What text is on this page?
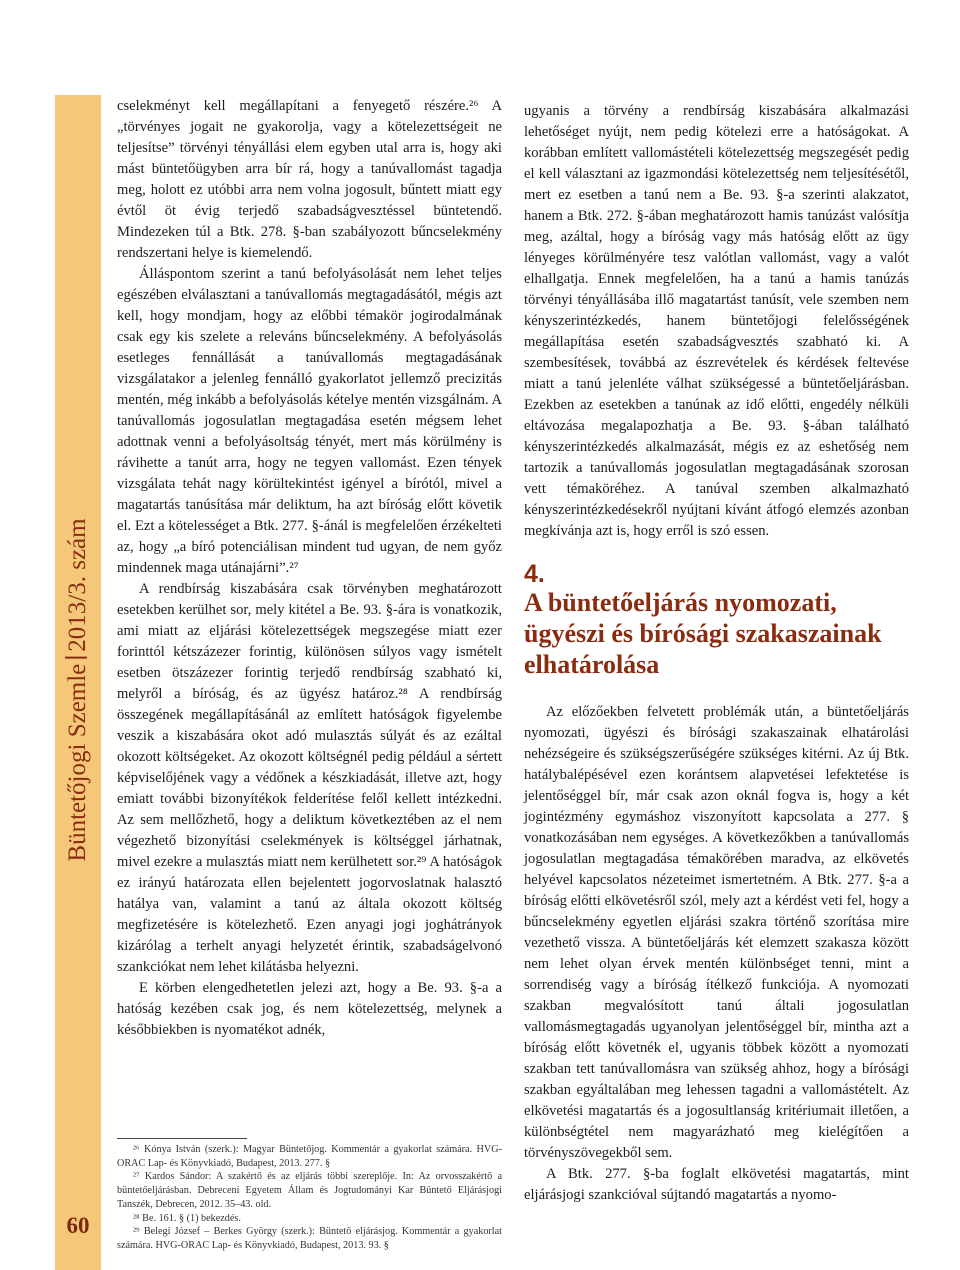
Büntetőjogi Szemle2013/3. szám
60

cselekményt kell megállapítani a fenyegető részére.²⁶ A „törvényes jogait ne gyakorolja, vagy a kötelezettségeit ne teljesítse” törvényi tényállási elem egyben utal arra is, hogy aki mást büntetőügyben arra bír rá, hogy a tanúvallomást tagadja meg, holott ez utóbbi arra nem volna jogosult, bűntett miatt egy évtől öt évig terjedő szabadságvesztéssel büntetendő. Mindezeken túl a Btk. 278. §-ban szabályozott bűncselekmény rendszertani helye is kiemelendő.

Álláspontom szerint a tanú befolyásolását nem lehet teljes egészében elválasztani a tanúvallomás megtagadásától, mégis azt kell, hogy mondjam, hogy az előbbi témakör jogirodalmának csak egy kis szelete a releváns bűncselekmény. A befolyásolás esetleges fennállását a tanúvallomás megtagadásának vizsgálatakor a jelenleg fennálló gyakorlatot jellemző precizitás mentén, még inkább a befolyásolás kételye mentén vizsgálnám. A tanúvallomás jogosulatlan megtagadása esetén mégsem lehet adottnak venni a befolyásoltság tényét, mert más körülmény is rávihette a tanút arra, hogy ne tegyen vallomást. Ezen tények vizsgálata tehát nagy körültekintést igényel a bírótól, mivel a magatartás tanúsítása már deliktum, ha azt bíróság előtt követik el. Ezt a kötelességet a Btk. 277. §-ánál is megfelelően érzékelteti az, hogy „a bíró potenciálisan mindent tud ugyan, de nem győz mindennek maga utánajárni”.²⁷

A rendbírság kiszabására csak törvényben meghatározott esetekben kerülhet sor, mely kitétel a Be. 93. §-ára is vonatkozik, ami miatt az eljárási kötelezettségek megszegése miatt ezer forinttól kétszázezer forintig, különösen súlyos vagy ismételt esetben ötszázezer forintig terjedő rendbírság szabható ki, melyről a bíróság, és az ügyész határoz.²⁸ A rendbírság összegének megállapításánál az említett hatóságok figyelembe veszik a kiszabására okot adó mulasztás súlyát és az ezáltal okozott költségeket. Az okozott költségnél pedig például a sértett képviselőjének vagy a védőnek a készkiadását, illetve azt, hogy emiatt további bizonyítékok felderítése felől kellett intézkedni. Az sem mellőzhető, hogy a deliktum következtében az el nem végezhető bizonyítási cselekmények is költséggel járhatnak, mivel ezekre a mulasztás miatt nem kerülhetett sor.²⁹ A hatóságok ez irányú határozata ellen bejelentett jogorvoslatnak halasztó hatálya van, valamint a tanú az általa okozott költség megfizetésére is kötelezhető. Ezen anyagi jogi joghátrányok kizárólag a terhelt anyagi helyzetét érintik, szabadságelvonó szankciókat nem lehet kilátásba helyezni.

E körben elengedhetetlen jelezi azt, hogy a Be. 93. §-a a hatóság kezében csak jog, és nem kötelezettség, melynek a későbbiekben is nyomatékot adnék,

²⁶ Kónya István (szerk.): Magyar Büntetőjog. Kommentár a gyakorlat számára. HVG-ORAC Lap- és Könyvkiadó, Budapest, 2013. 277. §

²⁷ Kardos Sándor: A szakértő és az eljárás többi szereplője. In: Az orvosszakértő a büntetőeljárásban. Debreceni Egyetem Állam és Jogtudományi Kar Büntető Eljárásjogi Tanszék, Debrecen, 2012. 35–43. old.

²⁸ Be. 161. § (1) bekezdés.

²⁹ Belegi József – Berkes György (szerk.): Büntető eljárásjog. Kommentár a gyakorlat számára. HVG-ORAC Lap- és Könyvkiadó, Budapest, 2013. 93. §

ugyanis a törvény a rendbírság kiszabására alkalmazási lehetőséget nyújt, nem pedig kötelezi erre a hatóságokat. A korábban említett vallomástételi kötelezettség megszegését pedig el kell választani az igazmondási kötelezettség nem teljesítésétől, mert ez esetben a tanú nem a Be. 93. §-a szerinti alakzatot, hanem a Btk. 272. §-ában meghatározott hamis tanúzást valósítja meg, azáltal, hogy a bíróság vagy más hatóság előtt az ügy lényeges körülményére tesz valótlan vallomást, vagy a valót elhallgatja. Ennek megfelelően, ha a tanú a hamis tanúzás törvényi tényállásába illő magatartást tanúsít, vele szemben nem kényszerintézkedés, hanem büntetőjogi felelősségének megállapítása esetén szabadságvesztés szabható ki. A szembesítések, továbbá az észrevételek és kérdések feltevése miatt a tanú jelenléte válhat szükségessé a büntetőeljárásban. Ezekben az esetekben a tanúnak az idő előtti, engedély nélküli eltávozása megalapozhatja a Be. 93. §-ában található kényszerintézkedés alkalmazását, mégis ez az eshetőség nem tartozik a tanúvallomás jogosulatlan megtagadásának szorosan vett témaköréhez. A tanúval szemben alkalmazható kényszerintézkedésekről nyújtani kívánt átfogó elemzés azonban megkívánja azt is, hogy erről is szó essen.

4.
A büntetőeljárás nyomozati, ügyészi és bírósági szakaszainak elhatárolása

Az előzőekben felvetett problémák után, a büntetőeljárás nyomozati, ügyészi és bírósági szakaszainak elhatárolási nehézségeire és szükségszerűségére szükséges kitérni. Az új Btk. hatálybalépésével ezen korántsem alapvetései lefektetése is jelentőséggel bír, már csak azon oknál fogva is, hogy a két jogintézmény egymáshoz viszonyított kapcsolata a 277. § vonatkozásában nem egységes. A következőkben a tanúvallomás jogosulatlan megtagadása témakörében maradva, az elkövetés helyével kapcsolatos nézeteimet ismertetném. A Btk. 277. §-a a bíróság előtti elkövetésről szól, mely azt a kérdést veti fel, hogy a bűncselekmény egyetlen eljárási szakra történő szorítása mire vezethető vissza. A büntetőeljárás két elemzett szakasza között nem lehet olyan érvek mentén különbséget tenni, mint a sorrendiség vagy a bíróság ítélkező funkciója. A nyomozati szakban megvalósított tanú általi jogosulatlan vallomásmegtagadás ugyanolyan jelentőséggel bír, mintha azt a bíróság előtt követnék el, ugyanis többek között a nyomozati szakban tett tanúvallomásra van szükség ahhoz, hogy a bírósági szakban egyáltalában meg lehessen tagadni a vallomástételt. Az elkövetési magatartás és a jogosultlanság kritériumait illetően, a különbségtétel nem magyarázható meg kielégítően a törvényszövegekből sem.

A Btk. 277. §-ba foglalt elkövetési magatartás, mint eljárásjogi szankcióval sújtandó magatartás a nyomo-
